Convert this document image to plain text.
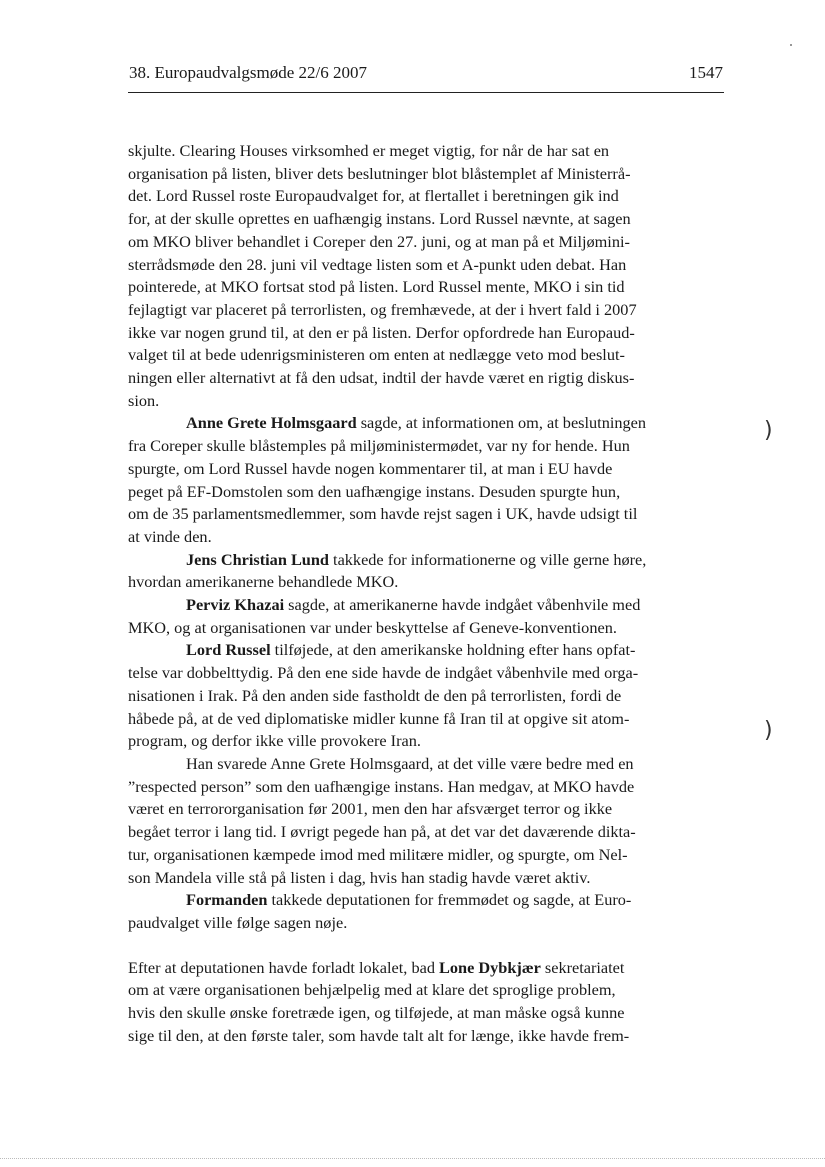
38. Europaudvalgsmøde 22/6 2007	1547

skjulte. Clearing Houses virksomhed er meget vigtig, for når de har sat en
organisation på listen, bliver dets beslutninger blot blåstemplet af Ministerrå-
det. Lord Russel roste Europaudvalget for, at flertallet i beretningen gik ind
for, at der skulle oprettes en uafhængig instans. Lord Russel nævnte, at sagen
om MKO bliver behandlet i Coreper den 27. juni, og at man på et Miljømini-
sterrådsmøde den 28. juni vil vedtage listen som et A-punkt uden debat. Han
pointerede, at MKO fortsat stod på listen. Lord Russel mente, MKO i sin tid
fejlagtigt var placeret på terrorlisten, og fremhævede, at der i hvert fald i 2007
ikke var nogen grund til, at den er på listen. Derfor opfordrede han Europaud-
valget til at bede udenrigsministeren om enten at nedlægge veto mod beslut-
ningen eller alternativt at få den udsat, indtil der havde været en rigtig diskus-
sion.

Anne Grete Holmsgaard sagde, at informationen om, at beslutningen
fra Coreper skulle blåstemples på miljøministermødet, var ny for hende. Hun
spurgte, om Lord Russel havde nogen kommentarer til, at man i EU havde
peget på EF-Domstolen som den uafhængige instans. Desuden spurgte hun,
om de 35 parlamentsmedlemmer, som havde rejst sagen i UK, havde udsigt til
at vinde den.

Jens Christian Lund takkede for informationerne og ville gerne høre,
hvordan amerikanerne behandlede MKO.

Perviz Khazai sagde, at amerikanerne havde indgået våbenhvile med
MKO, og at organisationen var under beskyttelse af Geneve-konventionen.

Lord Russel tilføjede, at den amerikanske holdning efter hans opfat-
telse var dobbelttydig. På den ene side havde de indgået våbenhvile med orga-
nisationen i Irak. På den anden side fastholdt de den på terrorlisten, fordi de
håbede på, at de ved diplomatiske midler kunne få Iran til at opgive sit atom-
program, og derfor ikke ville provokere Iran.

Han svarede Anne Grete Holmsgaard, at det ville være bedre med en
”respected person” som den uafhængige instans. Han medgav, at MKO havde
været en terrororganisation før 2001, men den har afsværget terror og ikke
begået terror i lang tid. I øvrigt pegede han på, at det var det daværende dikta-
tur, organisationen kæmpede imod med militære midler, og spurgte, om Nel-
son Mandela ville stå på listen i dag, hvis han stadig havde været aktiv.

Formanden takkede deputationen for fremmødet og sagde, at Euro-
paudvalget ville følge sagen nøje.

Efter at deputationen havde forladt lokalet, bad Lone Dybkjær sekretariatet
om at være organisationen behjælpelig med at klare det sproglige problem,
hvis den skulle ønske foretræde igen, og tilføjede, at man måske også kunne
sige til den, at den første taler, som havde talt alt for længe, ikke havde frem-

)
)
